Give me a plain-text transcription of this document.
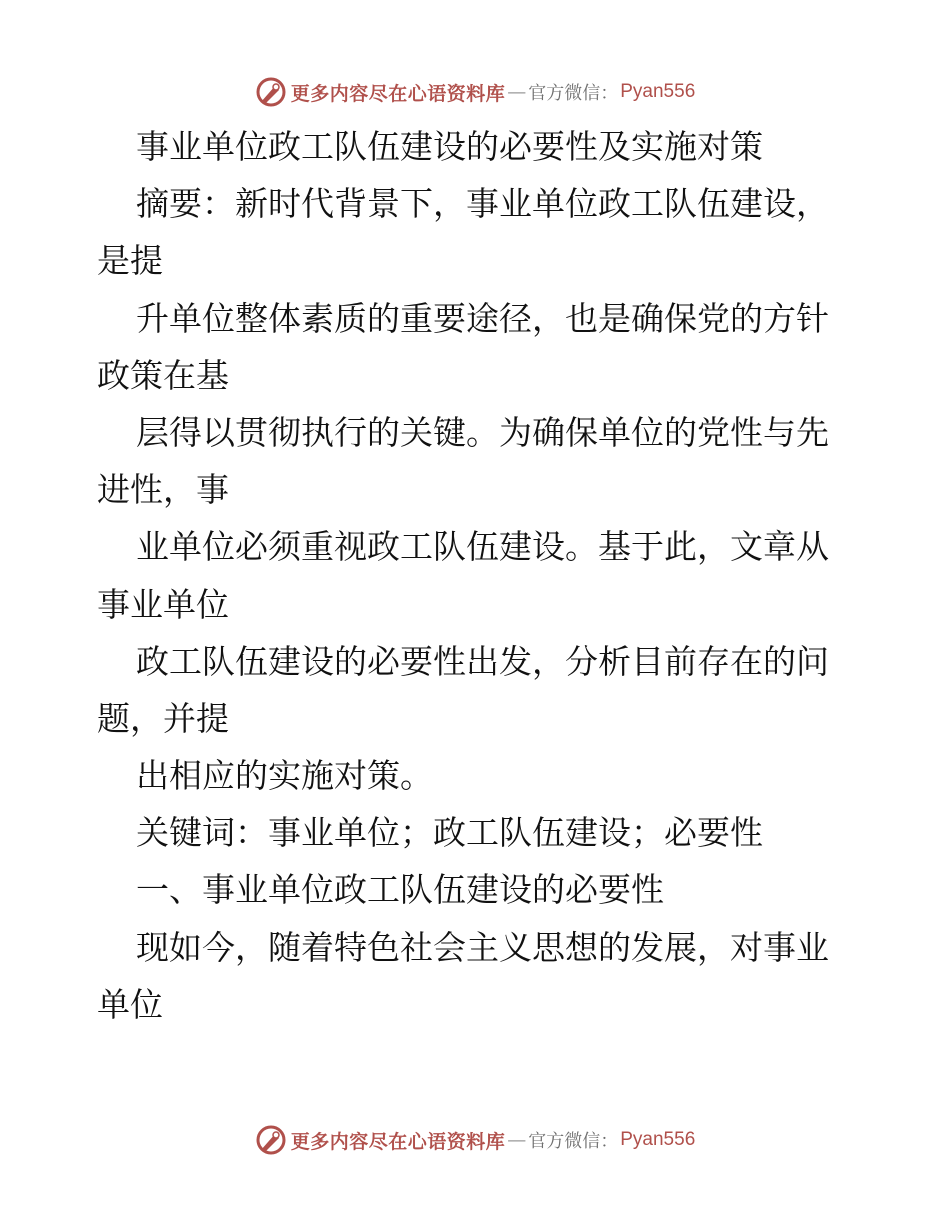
更多内容尽在心语资料库 — 官方微信： Pyan556

事业单位政工队伍建设的必要性及实施对策

摘要：新时代背景下，事业单位政工队伍建设，

是提

升单位整体素质的重要途径，也是确保党的方针

政策在基

层得以贯彻执行的关键。为确保单位的党性与先

进性，事

业单位必须重视政工队伍建设。基于此，文章从

事业单位

政工队伍建设的必要性出发，分析目前存在的问

题，并提

出相应的实施对策。

关键词：事业单位；政工队伍建设；必要性

一、事业单位政工队伍建设的必要性

现如今，随着特色社会主义思想的发展，对事业

单位

更多内容尽在心语资料库 — 官方微信： Pyan556
